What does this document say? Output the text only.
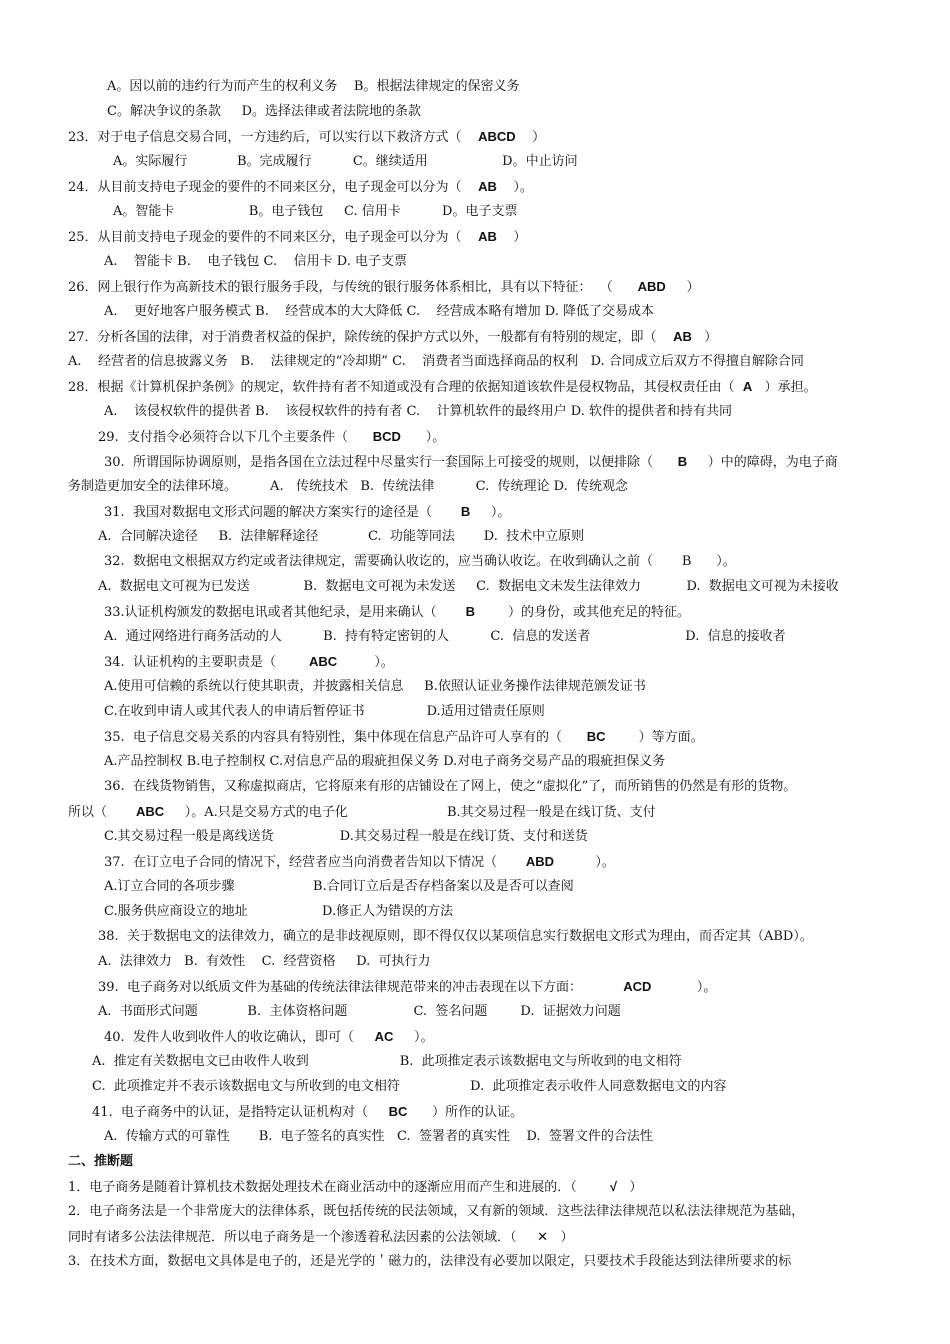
A。因以前的违约行为而产生的权利义务    B。根据法律规定的保密义务
C。解决争议的条款     D。选择法律或者法院地的条款
23．对于电子信息交易合同，一方违约后，可以实行以下救济方式（    ABCD    ）
A。实际履行            B。完成履行          C。继续适用                  D。中止访问
24．从目前支持电子现金的要件的不同来区分，电子现金可以分为（    AB    ）。
A。智能卡                  B。电子钱包     C. 信用卡          D。电子支票
25．从目前支持电子现金的要件的不同来区分，电子现金可以分为（    AB    ）
A.    智能卡 B.    电子钱包 C.    信用卡 D. 电子支票
26．网上银行作为高新技术的银行服务手段，与传统的银行服务体系相比，具有以下特征：  （      ABD     ）
A.    更好地客户服务模式 B.    经营成本的大大降低 C.    经营成本略有增加 D. 降低了交易成本
27．分析各国的法律，对于消费者权益的保护，除传统的保护方式以外，一般都有有特别的规定，即（    AB   ）
A.    经营者的信息披露义务   B.    法律规定的“冷却期” C.    消费者当面选择商品的权利   D. 合同成立后双方不得擅自解除合同
28．根据《计算机保护条例》的规定，软件持有者不知道或没有合理的依据知道该软件是侵权物品，其侵权责任由（  A   ）承担。
A.    该侵权软件的提供者 B.    该侵权软件的持有者 C.    计算机软件的最终用户 D. 软件的提供者和持有共同
29.  支付指令必须符合以下几个主要条件（      BCD      ）。
30.  所谓国际协调原则，是指各国在立法过程中尽量实行一套国际上可接受的规则，以便排除（      B     ）中的障碍，为电子商
务制造更加安全的法律环境。        A.   传统技术   B.  传统法律          C.  传统理论 D.  传统观念
31.  我国对数据电文形式问题的解决方案实行的途径是（       B     ）。
A.  合同解决途径     B.  法律解释途径            C.  功能等同法       D.  技术中立原则
32.  数据电文根据双方约定或者法律规定，需要确认收讫的，应当确认收讫。在收到确认之前（       B      ）。
A.  数据电文可视为已发送             B.  数据电文可视为未发送     C.  数据电文未发生法律效力           D.  数据电文可视为未接收
33.认证机构颁发的数据电讯或者其他纪录，是用来确认（       B        ）的身份，或其他充足的特征。
A.  通过网络进行商务活动的人          B.  持有特定密钥的人          C.  信息的发送者                       D.  信息的接收者
34.  认证机构的主要职责是（        ABC         ）。
A.使用可信赖的系统以行使其职责，并披露相关信息     B.依照认证业务操作法律规范颁发证书
C.在收到申请人或其代表人的申请后暂停证书               D.适用过错责任原则
35.  电子信息交易关系的内容具有特别性，集中体现在信息产品许可人享有的（      BC        ）等方面。
A.产品控制权 B.电子控制权 C.对信息产品的瑕疵担保义务 D.对电子商务交易产品的瑕疵担保义务
36.  在线货物销售，又称虚拟商店，它将原来有形的店铺设在了网上，使之“虚拟化”了，而所销售的仍然是有形的货物。
所以（       ABC     ）。A.只是交易方式的电子化                        B.其交易过程一般是在线订货、支付
C.其交易过程一般是离线送货                D.其交易过程一般是在线订货、支付和送货
37.  在订立电子合同的情况下，经营者应当向消费者告知以下情况（       ABD          ）。
A.订立合同的各项步骤                   B.合同订立后是否存档备案以及是否可以查阅
C.服务供应商设立的地址                  D.修正人为错误的方法
38.  关于数据电文的法律效力，确立的是非歧视原则，即不得仅仅以某项信息实行数据电文形式为理由，而否定其（ABD）。
A.  法律效力   B.  有效性    C.  经营资格     D.  可执行力
39.  电子商务对以纸质文件为基础的传统法律法律规范带来的冲击表现在以下方面：          ACD           ）。
A.  书面形式问题            B.  主体资格问题                C.  签名问题        D.  证据效力问题
40.  发件人收到收件人的收讫确认，即可（     AC     ）。
A.  推定有关数据电文已由收件人收到                      B.  此项推定表示该数据电文与所收到的电文相符
C.  此项推定并不表示该数据电文与所收到的电文相符                 D.  此项推定表示收件人同意数据电文的内容
41.  电子商务中的认证，是指特定认证机构对（     BC      ）所作的认证。
A.  传输方式的可靠性       B.  电子签名的真实性   C.  签署者的真实性    D.  签署文件的合法性
二、推断题
1．电子商务是随着计算机技术数据处理技术在商业活动中的逐渐应用而产生和进展的．（        √   ）
2．电子商务法是一个非常庞大的法律体系，既包括传统的民法领域，又有新的领域．这些法律法律规范以私法法律规范为基础，
同时有诸多公法法律规范．所以电子商务是一个渗透着私法因素的公法领域．（     ✕   ）
3．在技术方面，数据电文具体是电子的，还是光学的＇磁力的，法律没有必要加以限定，只要技术手段能达到法律所要求的标
